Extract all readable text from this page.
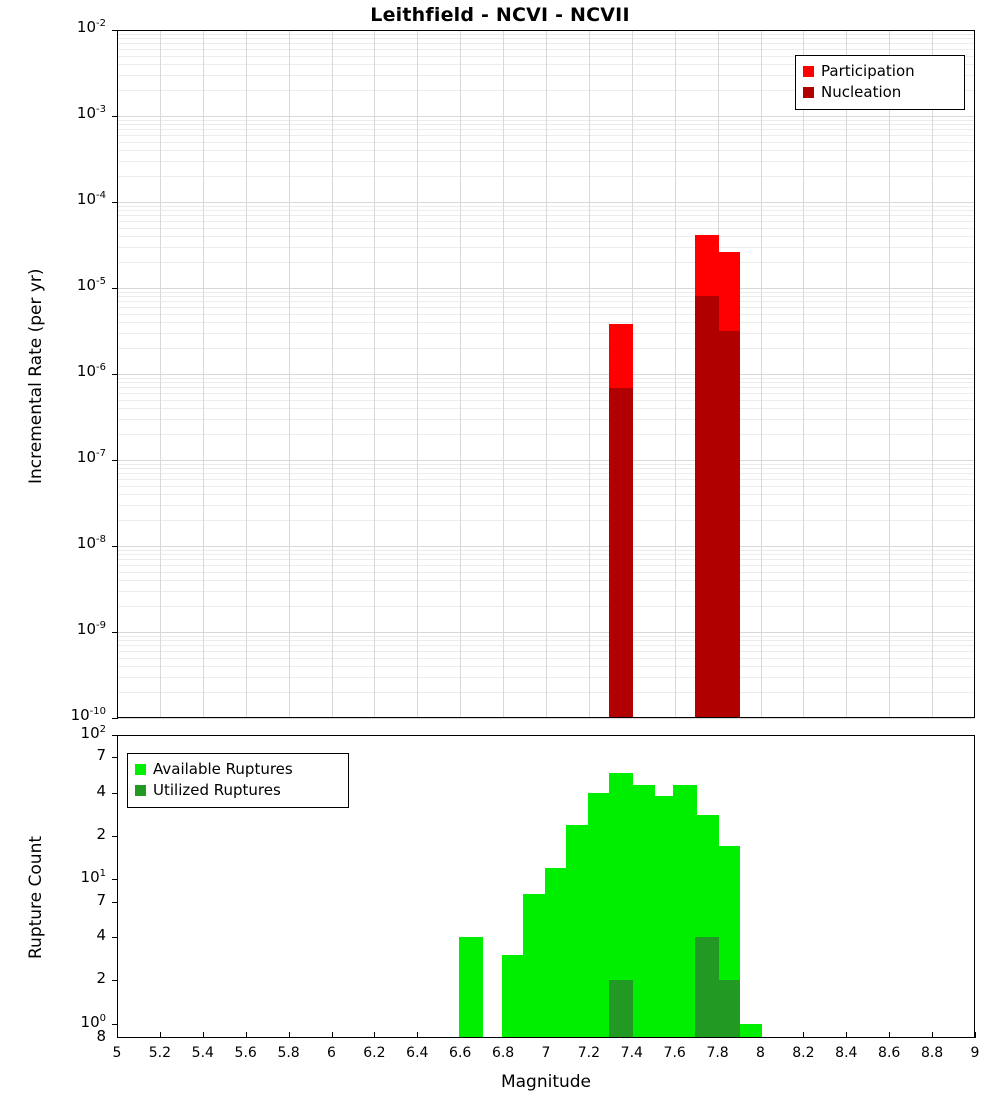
Leithfield - NCVI - NCVII
Incremental Rate (per yr)
Rupture Count
Magnitude
$10^{-10}$
$10^{-9}$
$10^{-8}$
$10^{-7}$
$10^{-6}$
$10^{-5}$
$10^{-4}$
$10^{-3}$
$10^{-2}$
$10^0$
2
4
7
$10^1$
2
4
7
$10^2$
8
5	5.2	5.4	5.6	5.8	6	6.2	6.4	6.6	6.8	7	7.2	7.4	7.6	7.8	8	8.2	8.4	8.6	8.8	9
Participation
Nucleation
Available Ruptures
Utilized Ruptures
